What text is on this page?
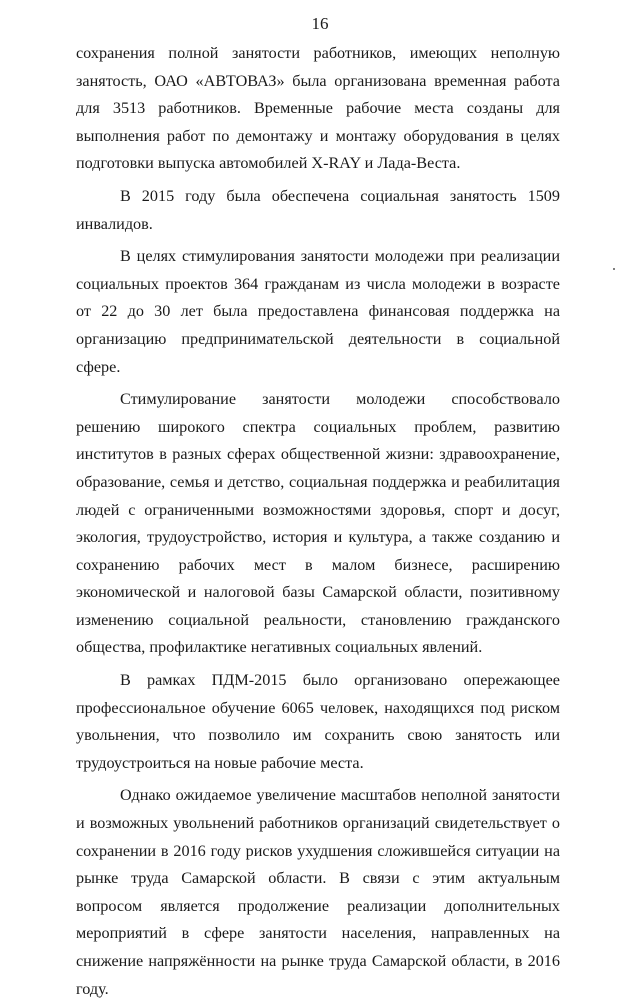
16

сохранения полной занятости работников, имеющих неполную занятость, ОАО «АВТОВАЗ» была организована временная работа для 3513 работников. Временные рабочие места созданы для выполнения работ по демонтажу и монтажу оборудования в целях подготовки выпуска автомобилей X-RAY и Лада-Веста.

В 2015 году была обеспечена социальная занятость 1509 инвалидов.

В целях стимулирования занятости молодежи при реализации социальных проектов 364 гражданам из числа молодежи в возрасте от 22 до 30 лет была предоставлена финансовая поддержка на организацию предпринимательской деятельности в социальной сфере.

Стимулирование занятости молодежи способствовало решению широкого спектра социальных проблем, развитию институтов в разных сферах общественной жизни: здравоохранение, образование, семья и детство, социальная поддержка и реабилитация людей с ограниченными возможностями здоровья, спорт и досуг, экология, трудоустройство, история и культура, а также созданию и сохранению рабочих мест в малом бизнесе, расширению экономической и налоговой базы Самарской области, позитивному изменению социальной реальности, становлению гражданского общества, профилактике негативных социальных явлений.

В рамках ПДМ-2015 было организовано опережающее профессиональное обучение 6065 человек, находящихся под риском увольнения, что позволило им сохранить свою занятость или трудоустроиться на новые рабочие места.

Однако ожидаемое увеличение масштабов неполной занятости и возможных увольнений работников организаций свидетельствует о сохранении в 2016 году рисков ухудшения сложившейся ситуации на рынке труда Самарской области. В связи с этим актуальным вопросом является продолжение реализации дополнительных мероприятий в сфере занятости населения, направленных на снижение напряжённости на рынке труда Самарской области, в 2016 году.
